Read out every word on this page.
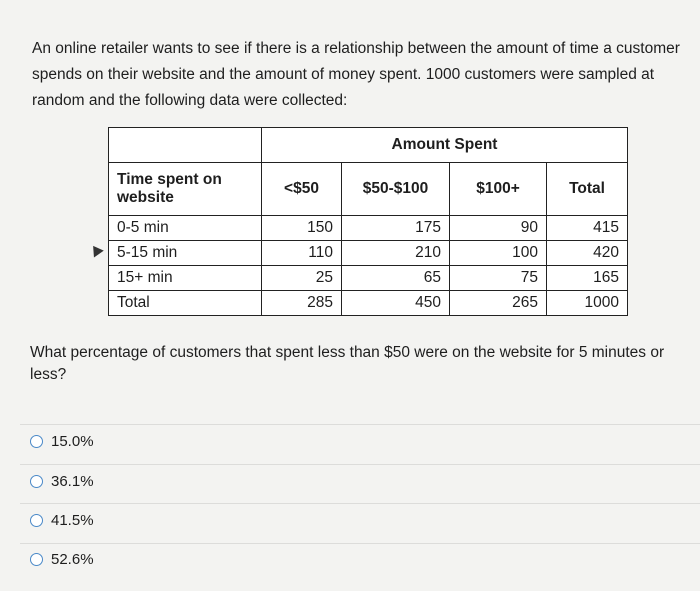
An online retailer wants to see if there is a relationship between the amount of time a customer spends on their website and the amount of money spent. 1000 customers were sampled at random and the following data were collected:

	Amount Spent			
Time spent on website	<$50	$50-$100	$100+	Total
0-5 min	150	175	90	415
5-15 min	110	210	100	420
15+ min	25	65	75	165
Total	285	450	265	1000

What percentage of customers that spent less than $50 were on the website for 5 minutes or less?

15.0%
36.1%
41.5%
52.6%
